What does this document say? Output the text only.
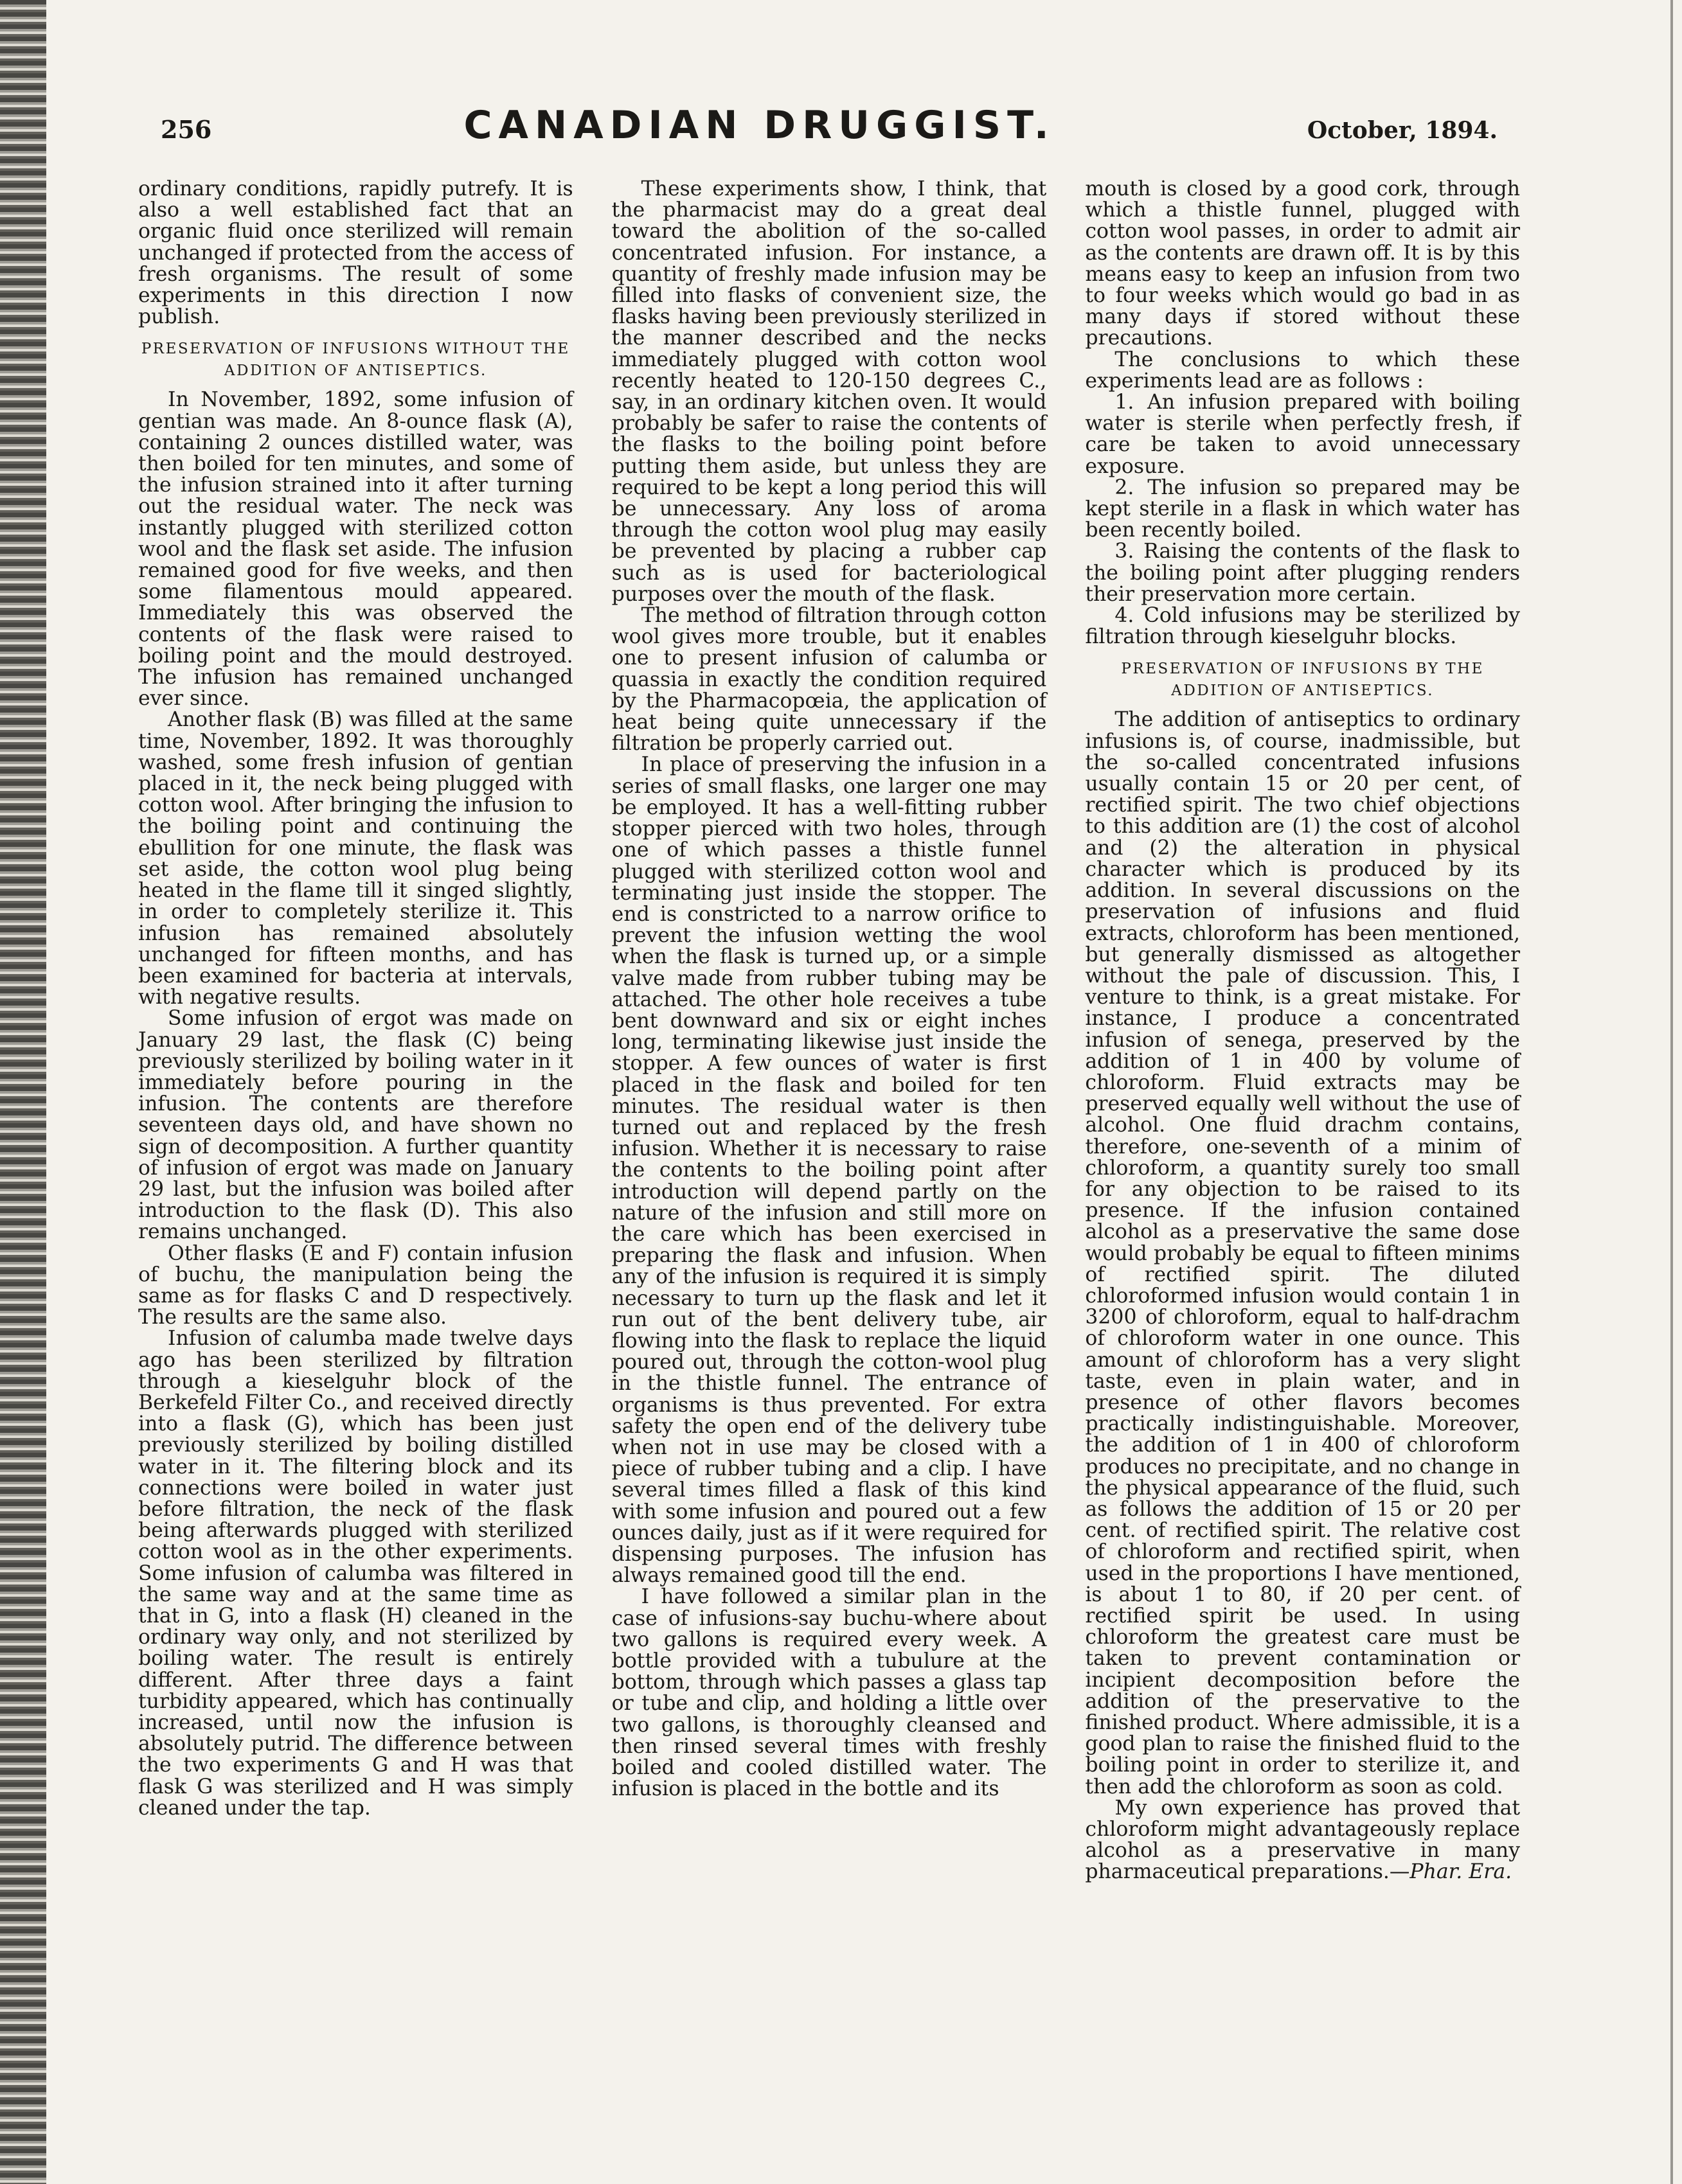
256	CANADIAN DRUGGIST.	October, 1894.

ordinary conditions, rapidly putrefy. It is also a well established fact that an organic fluid once sterilized will remain unchanged if protected from the access of fresh organisms. The result of some experiments in this direction I now publish.

PRESERVATION OF INFUSIONS WITHOUT THE
ADDITION OF ANTISEPTICS.

In November, 1892, some infusion of gentian was made. An 8-ounce flask (A), containing 2 ounces distilled water, was then boiled for ten minutes, and some of the infusion strained into it after turning out the residual water. The neck was instantly plugged with sterilized cotton wool and the flask set aside. The infusion remained good for five weeks, and then some filamentous mould appeared. Immediately this was observed the contents of the flask were raised to boiling point and the mould destroyed. The infusion has remained unchanged ever since.

Another flask (B) was filled at the same time, November, 1892. It was thoroughly washed, some fresh infusion of gentian placed in it, the neck being plugged with cotton wool. After bringing the infusion to the boiling point and continuing the ebullition for one minute, the flask was set aside, the cotton wool plug being heated in the flame till it singed slightly, in order to completely sterilize it. This infusion has remained absolutely unchanged for fifteen months, and has been examined for bacteria at intervals, with negative results.

Some infusion of ergot was made on January 29 last, the flask (C) being previously sterilized by boiling water in it immediately before pouring in the infusion. The contents are therefore seventeen days old, and have shown no sign of decomposition. A further quantity of infusion of ergot was made on January 29 last, but the infusion was boiled after introduction to the flask (D). This also remains unchanged.

Other flasks (E and F) contain infusion of buchu, the manipulation being the same as for flasks C and D respectively. The results are the same also.

Infusion of calumba made twelve days ago has been sterilized by filtration through a kieselguhr block of the Berkefeld Filter Co., and received directly into a flask (G), which has been just previously sterilized by boiling distilled water in it. The filtering block and its connections were boiled in water just before filtration, the neck of the flask being afterwards plugged with sterilized cotton wool as in the other experiments. Some infusion of calumba was filtered in the same way and at the same time as that in G, into a flask (H) cleaned in the ordinary way only, and not sterilized by boiling water. The result is entirely different. After three days a faint turbidity appeared, which has continually increased, until now the infusion is absolutely putrid. The difference between the two experiments G and H was that flask G was sterilized and H was simply cleaned under the tap.

These experiments show, I think, that the pharmacist may do a great deal toward the abolition of the so-called concentrated infusion. For instance, a quantity of freshly made infusion may be filled into flasks of convenient size, the flasks having been previously sterilized in the manner described and the necks immediately plugged with cotton wool recently heated to 120-150 degrees C., say, in an ordinary kitchen oven. It would probably be safer to raise the contents of the flasks to the boiling point before putting them aside, but unless they are required to be kept a long period this will be unnecessary. Any loss of aroma through the cotton wool plug may easily be prevented by placing a rubber cap such as is used for bacteriological purposes over the mouth of the flask.

The method of filtration through cotton wool gives more trouble, but it enables one to present infusion of calumba or quassia in exactly the condition required by the Pharmacopœia, the application of heat being quite unnecessary if the filtration be properly carried out.

In place of preserving the infusion in a series of small flasks, one larger one may be employed. It has a well-fitting rubber stopper pierced with two holes, through one of which passes a thistle funnel plugged with sterilized cotton wool and terminating just inside the stopper. The end is constricted to a narrow orifice to prevent the infusion wetting the wool when the flask is turned up, or a simple valve made from rubber tubing may be attached. The other hole receives a tube bent downward and six or eight inches long, terminating likewise just inside the stopper. A few ounces of water is first placed in the flask and boiled for ten minutes. The residual water is then turned out and replaced by the fresh infusion. Whether it is necessary to raise the contents to the boiling point after introduction will depend partly on the nature of the infusion and still more on the care which has been exercised in preparing the flask and infusion. When any of the infusion is required it is simply necessary to turn up the flask and let it run out of the bent delivery tube, air flowing into the flask to replace the liquid poured out, through the cotton-wool plug in the thistle funnel. The entrance of organisms is thus prevented. For extra safety the open end of the delivery tube when not in use may be closed with a piece of rubber tubing and a clip. I have several times filled a flask of this kind with some infusion and poured out a few ounces daily, just as if it were required for dispensing purposes. The infusion has always remained good till the end.

I have followed a similar plan in the case of infusions-say buchu-where about two gallons is required every week. A bottle provided with a tubulure at the bottom, through which passes a glass tap or tube and clip, and holding a little over two gallons, is thoroughly cleansed and then rinsed several times with freshly boiled and cooled distilled water. The infusion is placed in the bottle and its

mouth is closed by a good cork, through which a thistle funnel, plugged with cotton wool passes, in order to admit air as the contents are drawn off. It is by this means easy to keep an infusion from two to four weeks which would go bad in as many days if stored without these precautions.

The conclusions to which these experiments lead are as follows :

1. An infusion prepared with boiling water is sterile when perfectly fresh, if care be taken to avoid unnecessary exposure.

2. The infusion so prepared may be kept sterile in a flask in which water has been recently boiled.

3. Raising the contents of the flask to the boiling point after plugging renders their preservation more certain.

4. Cold infusions may be sterilized by filtration through kieselguhr blocks.

PRESERVATION OF INFUSIONS BY THE
ADDITION OF ANTISEPTICS.

The addition of antiseptics to ordinary infusions is, of course, inadmissible, but the so-called concentrated infusions usually contain 15 or 20 per cent, of rectified spirit. The two chief objections to this addition are (1) the cost of alcohol and (2) the alteration in physical character which is produced by its addition. In several discussions on the preservation of infusions and fluid extracts, chloroform has been mentioned, but generally dismissed as altogether without the pale of discussion. This, I venture to think, is a great mistake. For instance, I produce a concentrated infusion of senega, preserved by the addition of 1 in 400 by volume of chloroform. Fluid extracts may be preserved equally well without the use of alcohol. One fluid drachm contains, therefore, one-seventh of a minim of chloroform, a quantity surely too small for any objection to be raised to its presence. If the infusion contained alcohol as a preservative the same dose would probably be equal to fifteen minims of rectified spirit. The diluted chloroformed infusion would contain 1 in 3200 of chloroform, equal to half-drachm of chloroform water in one ounce. This amount of chloroform has a very slight taste, even in plain water, and in presence of other flavors becomes practically indistinguishable. Moreover, the addition of 1 in 400 of chloroform produces no precipitate, and no change in the physical appearance of the fluid, such as follows the addition of 15 or 20 per cent. of rectified spirit. The relative cost of chloroform and rectified spirit, when used in the proportions I have mentioned, is about 1 to 80, if 20 per cent. of rectified spirit be used. In using chloroform the greatest care must be taken to prevent contamination or incipient decomposition before the addition of the preservative to the finished product. Where admissible, it is a good plan to raise the finished fluid to the boiling point in order to sterilize it, and then add the chloroform as soon as cold.

My own experience has proved that chloroform might advantageously replace alcohol as a preservative in many pharmaceutical preparations.—Phar. Era.
